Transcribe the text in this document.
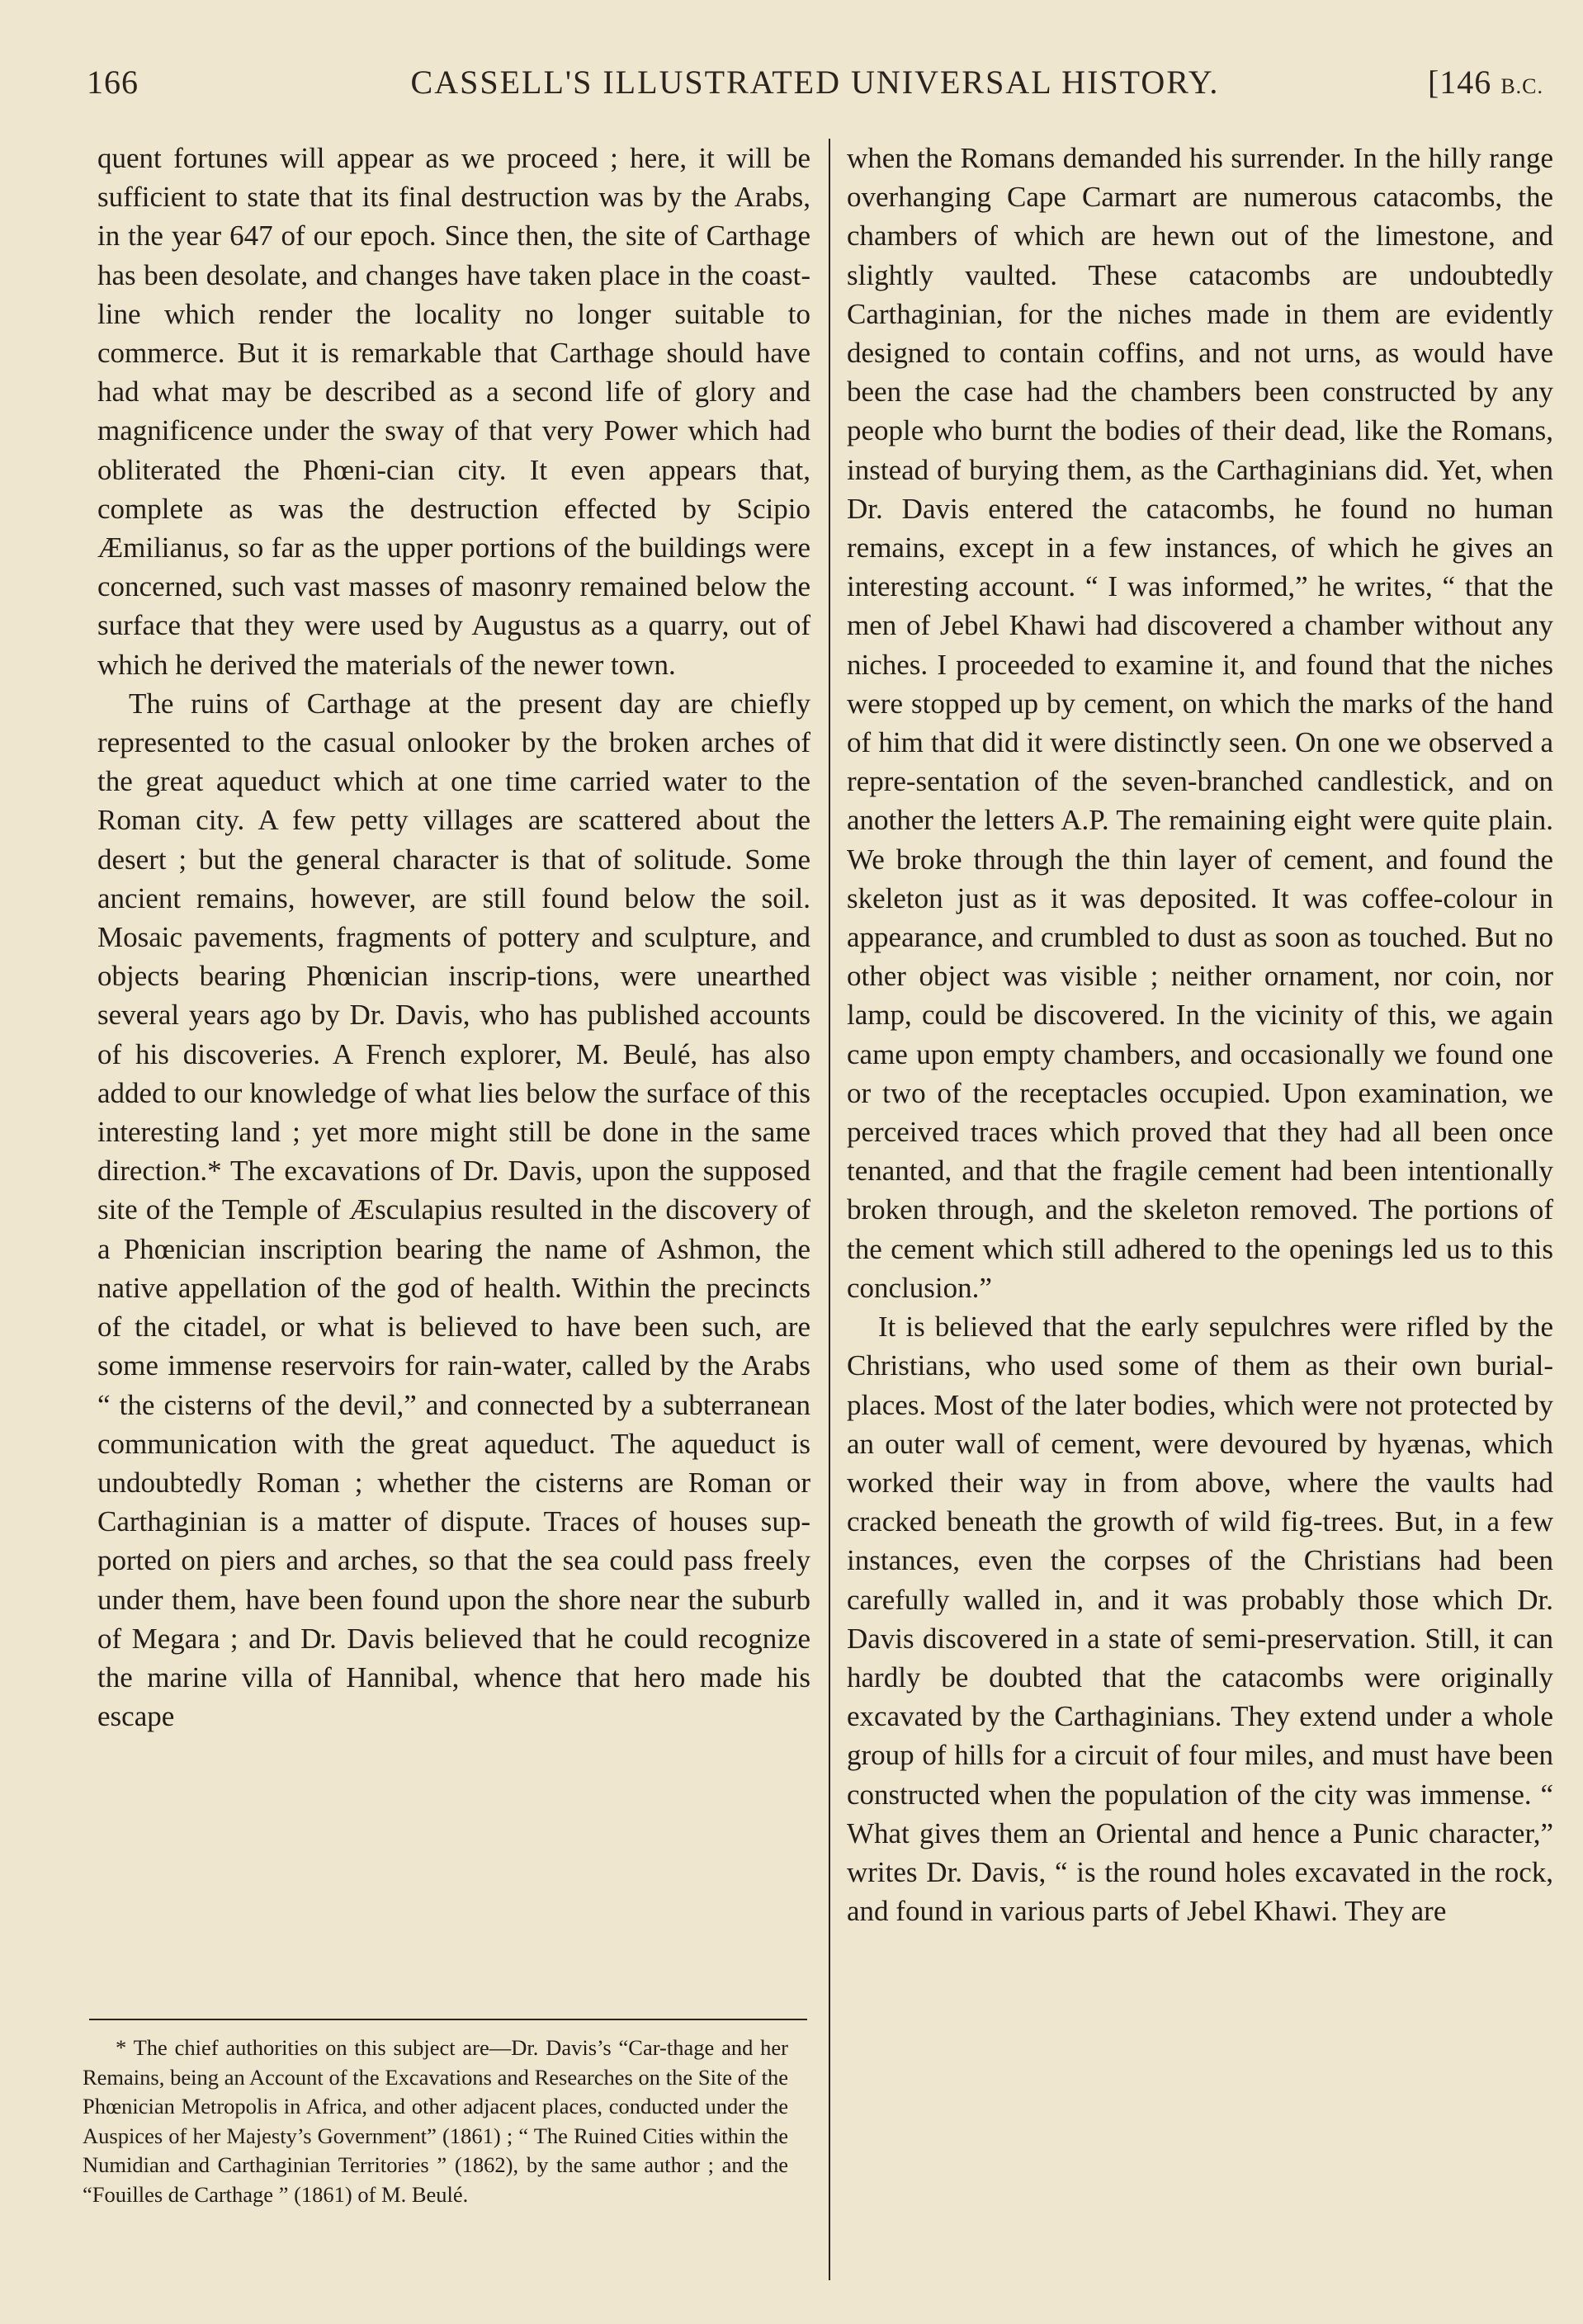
166	CASSELL'S ILLUSTRATED UNIVERSAL HISTORY.	[146 B.C.

quent fortunes will appear as we proceed ; here, it will be sufficient to state that its final destruction was by the Arabs, in the year 647 of our epoch. Since then, the site of Carthage has been desolate, and changes have taken place in the coast-line which render the locality no longer suitable to commerce. But it is remarkable that Carthage should have had what may be described as a second life of glory and magnificence under the sway of that very Power which had obliterated the Phœni-cian city. It even appears that, complete as was the destruction effected by Scipio Æmilianus, so far as the upper portions of the buildings were concerned, such vast masses of masonry remained below the surface that they were used by Augustus as a quarry, out of which he derived the materials of the newer town.

The ruins of Carthage at the present day are chiefly represented to the casual onlooker by the broken arches of the great aqueduct which at one time carried water to the Roman city. A few petty villages are scattered about the desert ; but the general character is that of solitude. Some ancient remains, however, are still found below the soil. Mosaic pavements, fragments of pottery and sculpture, and objects bearing Phœnician inscrip-tions, were unearthed several years ago by Dr. Davis, who has published accounts of his discoveries. A French explorer, M. Beulé, has also added to our knowledge of what lies below the surface of this interesting land ; yet more might still be done in the same direction.* The excavations of Dr. Davis, upon the supposed site of the Temple of Æsculapius resulted in the discovery of a Phœnician inscription bearing the name of Ashmon, the native appellation of the god of health. Within the precincts of the citadel, or what is believed to have been such, are some immense reservoirs for rain-water, called by the Arabs “ the cisterns of the devil,” and connected by a subterranean communication with the great aqueduct. The aqueduct is undoubtedly Roman ; whether the cisterns are Roman or Carthaginian is a matter of dispute. Traces of houses sup-ported on piers and arches, so that the sea could pass freely under them, have been found upon the shore near the suburb of Megara ; and Dr. Davis believed that he could recognize the marine villa of Hannibal, whence that hero made his escape

when the Romans demanded his surrender. In the hilly range overhanging Cape Carmart are numerous catacombs, the chambers of which are hewn out of the limestone, and slightly vaulted. These catacombs are undoubtedly Carthaginian, for the niches made in them are evidently designed to contain coffins, and not urns, as would have been the case had the chambers been constructed by any people who burnt the bodies of their dead, like the Romans, instead of burying them, as the Carthaginians did. Yet, when Dr. Davis entered the catacombs, he found no human remains, except in a few instances, of which he gives an interesting account. “ I was informed,” he writes, “ that the men of Jebel Khawi had discovered a chamber without any niches. I proceeded to examine it, and found that the niches were stopped up by cement, on which the marks of the hand of him that did it were distinctly seen. On one we observed a repre-sentation of the seven-branched candlestick, and on another the letters A.P. The remaining eight were quite plain. We broke through the thin layer of cement, and found the skeleton just as it was deposited. It was coffee-colour in appearance, and crumbled to dust as soon as touched. But no other object was visible ; neither ornament, nor coin, nor lamp, could be discovered. In the vicinity of this, we again came upon empty chambers, and occasionally we found one or two of the receptacles occupied. Upon examination, we perceived traces which proved that they had all been once tenanted, and that the fragile cement had been intentionally broken through, and the skeleton removed. The portions of the cement which still adhered to the openings led us to this conclusion.”

It is believed that the early sepulchres were rifled by the Christians, who used some of them as their own burial-places. Most of the later bodies, which were not protected by an outer wall of cement, were devoured by hyænas, which worked their way in from above, where the vaults had cracked beneath the growth of wild fig-trees. But, in a few instances, even the corpses of the Christians had been carefully walled in, and it was probably those which Dr. Davis discovered in a state of semi-preservation. Still, it can hardly be doubted that the catacombs were originally excavated by the Carthaginians. They extend under a whole group of hills for a circuit of four miles, and must have been constructed when the population of the city was immense. “ What gives them an Oriental and hence a Punic character,” writes Dr. Davis, “ is the round holes excavated in the rock, and found in various parts of Jebel Khawi. They are

* The chief authorities on this subject are—Dr. Davis’s “Car-thage and her Remains, being an Account of the Excavations and Researches on the Site of the Phœnician Metropolis in Africa, and other adjacent places, conducted under the Auspices of her Majesty’s Government” (1861) ; “ The Ruined Cities within the Numidian and Carthaginian Territories ” (1862), by the same author ; and the “Fouilles de Carthage ” (1861) of M. Beulé.
